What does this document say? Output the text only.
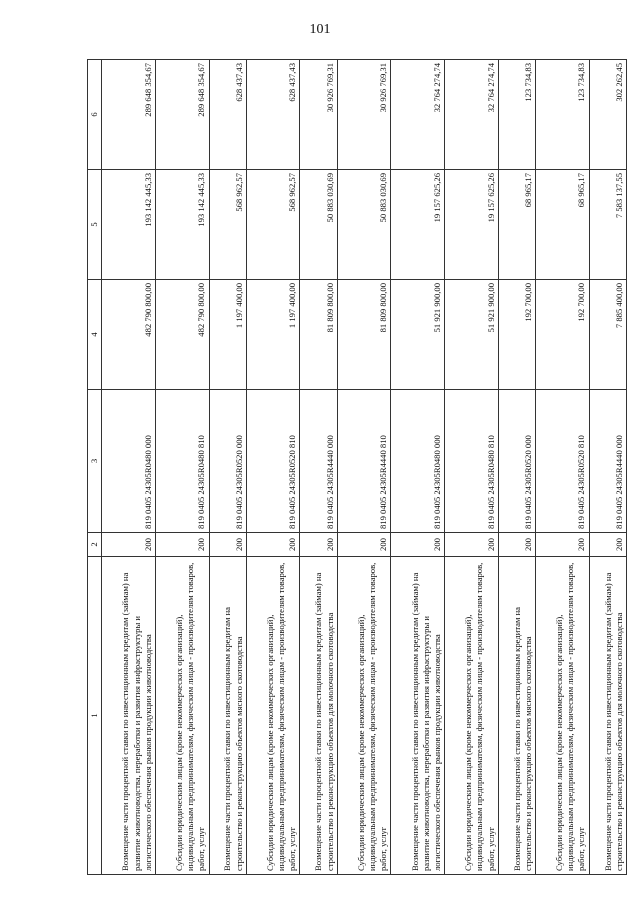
101
1	2	3	4	5	6
Возмещение части процентной ставки по инвестиционным кредитам (займам) на развитие животноводства, переработки и развития инфраструктуры и логистического обеспечения рынков продукции животноводства	200	819 0405 24305R0480 000	482 790 800,00	193 142 445,33	289 648 354,67
Субсидии юридическим лицам (кроме некоммерческих организаций), индивидуальным предпринимателям, физическим лицам - производителям товаров, работ, услуг	200	819 0405 24305R0480 810	482 790 800,00	193 142 445,33	289 648 354,67
Возмещение части процентной ставки по инвестиционным кредитам на строительство и реконструкцию объектов мясного скотоводства	200	819 0405 24305R0520 000	1 197 400,00	568 962,57	628 437,43
Субсидии юридическим лицам (кроме некоммерческих организаций), индивидуальным предпринимателям, физическим лицам - производителям товаров, работ, услуг	200	819 0405 24305R0520 810	1 197 400,00	568 962,57	628 437,43
Возмещение части процентной ставки по инвестиционным кредитам (займам) на строительство и реконструкцию объектов для молочного скотоводства	200	819 0405 24305R4440 000	81 809 800,00	50 883 030,69	30 926 769,31
Субсидии юридическим лицам (кроме некоммерческих организаций), индивидуальным предпринимателям, физическим лицам - производителям товаров, работ, услуг	200	819 0405 24305R4440 810	81 809 800,00	50 883 030,69	30 926 769,31
Возмещение части процентной ставки по инвестиционным кредитам (займам) на развитие животноводства, переработки и развития инфраструктуры и логистического обеспечения рынков продукции животноводства	200	819 0405 24305R0480 000	51 921 900,00	19 157 625,26	32 764 274,74
Субсидии юридическим лицам (кроме некоммерческих организаций), индивидуальным предпринимателям, физическим лицам - производителям товаров, работ, услуг	200	819 0405 24305R0480 810	51 921 900,00	19 157 625,26	32 764 274,74
Возмещение части процентной ставки по инвестиционным кредитам на строительство и реконструкцию объектов мясного скотоводства	200	819 0405 24305R0520 000	192 700,00	68 965,17	123 734,83
Субсидии юридическим лицам (кроме некоммерческих организаций), индивидуальным предпринимателям, физическим лицам - производителям товаров, работ, услуг	200	819 0405 24305R0520 810	192 700,00	68 965,17	123 734,83
Возмещение части процентной ставки по инвестиционным кредитам (займам) на строительство и реконструкцию объектов для молочного скотоводства	200	819 0405 24305R4440 000	7 885 400,00	7 583 137,55	302 262,45
